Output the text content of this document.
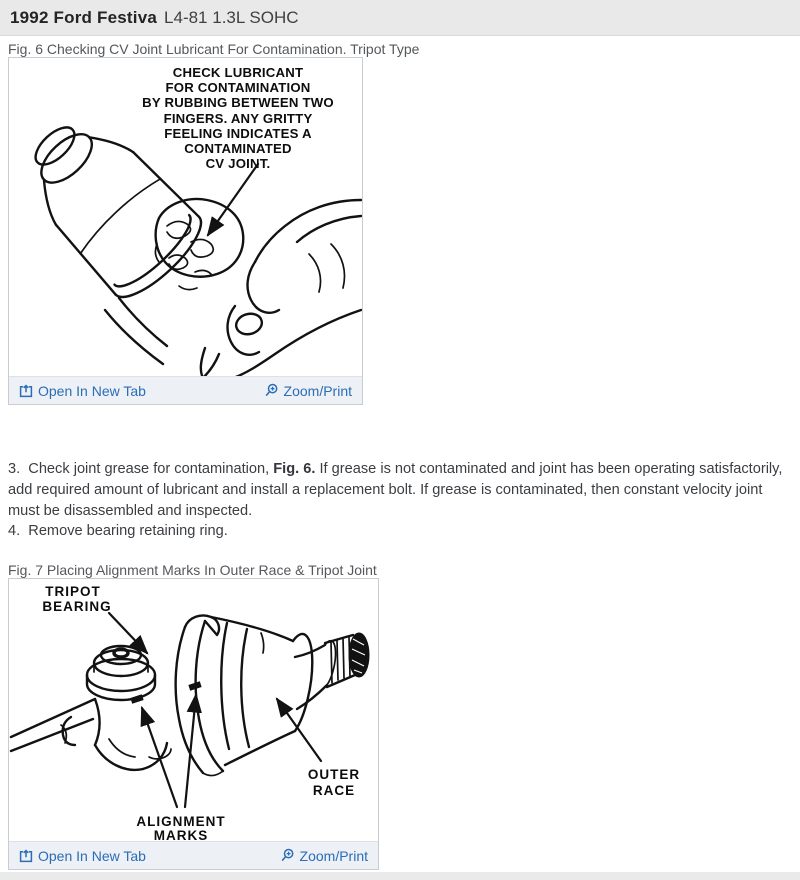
1992 Ford Festiva L4-81 1.3L SOHC
Fig. 6 Checking CV Joint Lubricant For Contamination. Tripot Type
CHECK LUBRICANT
FOR CONTAMINATION
BY RUBBING BETWEEN TWO
FINGERS. ANY GRITTY
FEELING INDICATES A
CONTAMINATED
CV JOINT.
Open In New Tab	Zoom/Print
3.  Check joint grease for contamination, Fig. 6. If grease is not contaminated and joint has been operating satisfactorily, add required amount of lubricant and install a replacement bolt. If grease is contaminated, then constant velocity joint must be disassembled and inspected.
4.  Remove bearing retaining ring.
Fig. 7 Placing Alignment Marks In Outer Race & Tripot Joint
TRIPOT
BEARING
OUTER
RACE
ALIGNMENT
MARKS
Open In New Tab	Zoom/Print
